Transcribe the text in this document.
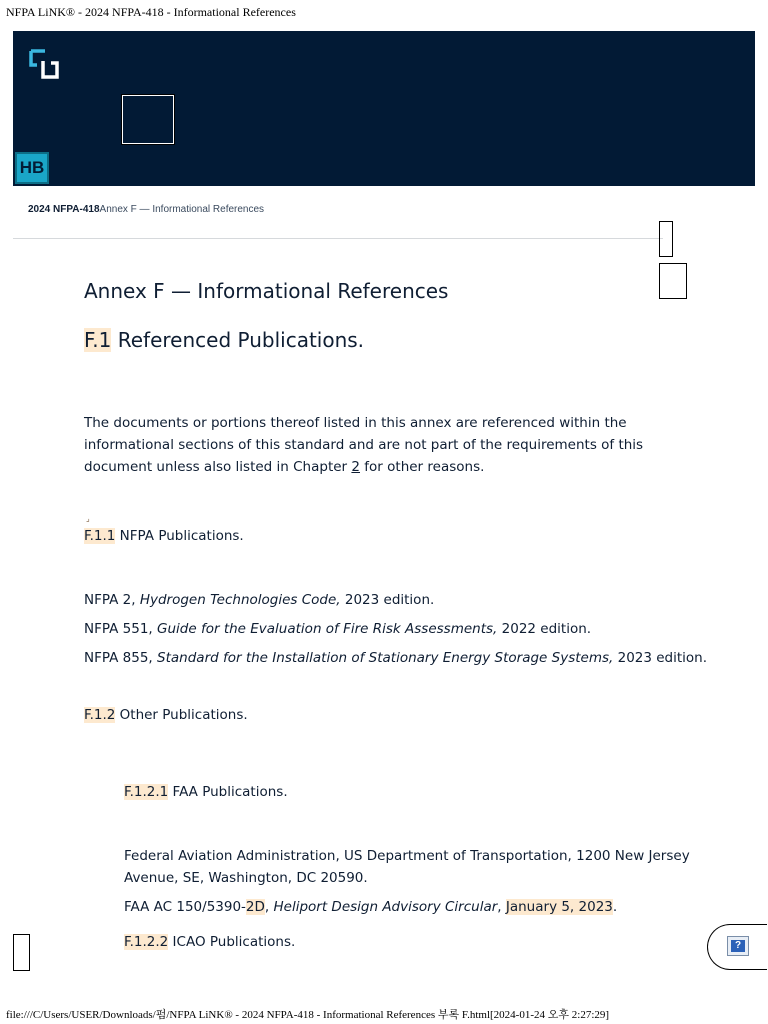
NFPA LiNK® - 2024 NFPA-418 - Informational References
HB
2024 NFPA-418Annex F — Informational References
Annex F — Informational References
F.1 Referenced Publications.
The documents or portions thereof listed in this annex are referenced within the informational sections of this standard and are not part of the requirements of this document unless also listed in Chapter 2 for other reasons.
⌟
F.1.1 NFPA Publications.
NFPA 2, Hydrogen Technologies Code, 2023 edition.
NFPA 551, Guide for the Evaluation of Fire Risk Assessments, 2022 edition.
NFPA 855, Standard for the Installation of Stationary Energy Storage Systems, 2023 edition.
F.1.2 Other Publications.
F.1.2.1 FAA Publications.
Federal Aviation Administration, US Department of Transportation, 1200 New Jersey Avenue, SE, Washington, DC 20590.
FAA AC 150/5390-2D, Heliport Design Advisory Circular, January 5, 2023.
F.1.2.2 ICAO Publications.	?
file:///C/Users/USER/Downloads/펌/NFPA LiNK® - 2024 NFPA-418 - Informational References 부록 F.html[2024-01-24 오후 2:27:29]
